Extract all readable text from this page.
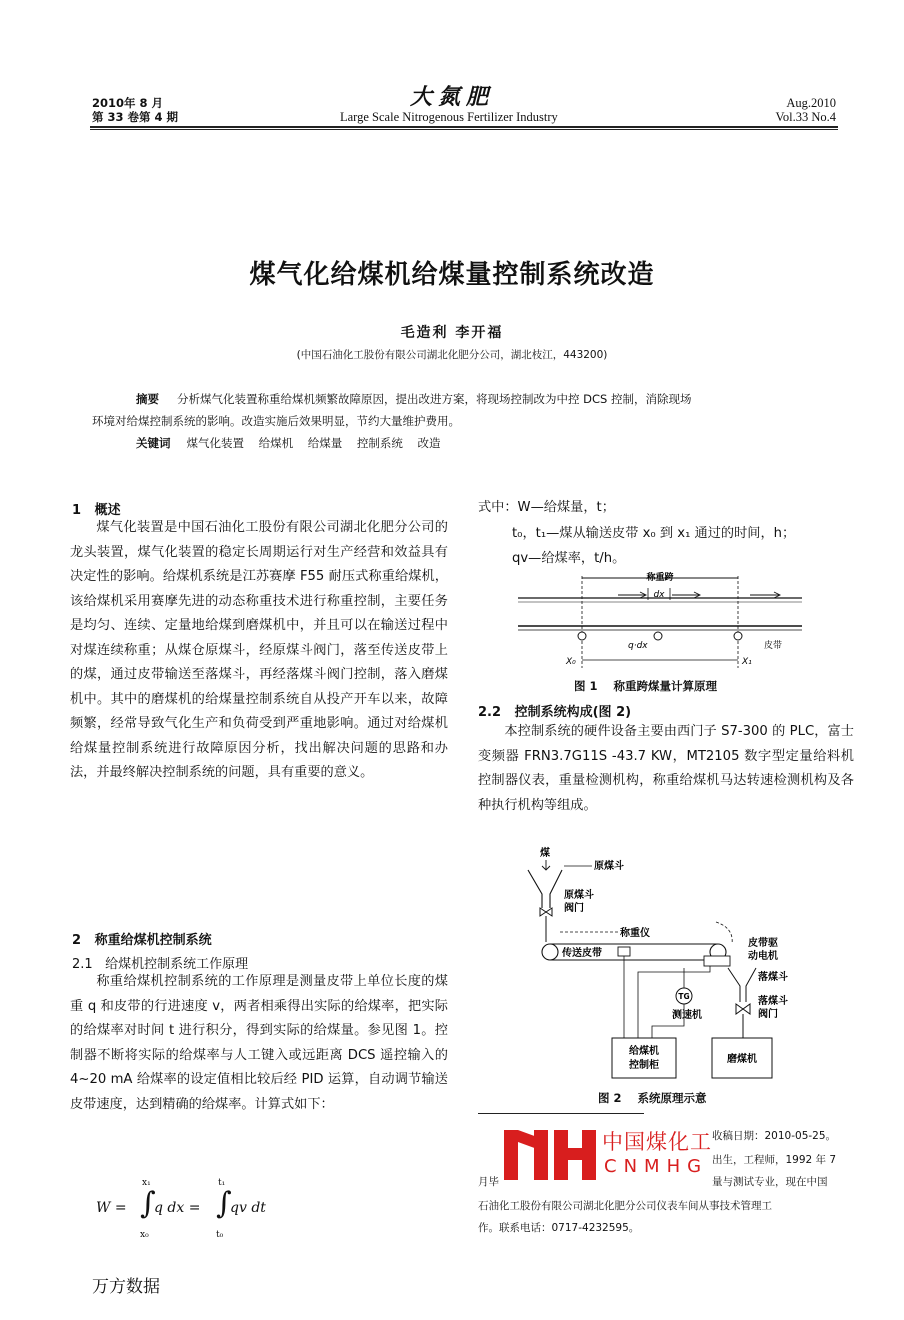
2010年 8 月
第 33 卷第 4 期
大氮肥
Large Scale Nitrogenous Fertilizer Industry
Aug.2010
Vol.33 No.4
煤气化给煤机给煤量控制系统改造
毛造利 李开福
(中国石油化工股份有限公司湖北化肥分公司，湖北枝江，443200)
摘要 分析煤气化装置称重给煤机频繁故障原因，提出改进方案，将现场控制改为中控 DCS 控制，消除现场
环境对给煤控制系统的影响。改造实施后效果明显，节约大量维护费用。
关键词 煤气化装置    给煤机    给煤量    控制系统    改造
1   概述

煤气化装置是中国石油化工股份有限公司湖北化肥分公司的龙头装置，煤气化装置的稳定长周期运行对生产经营和效益具有决定性的影响。给煤机系统是江苏赛摩 F55 耐压式称重给煤机，该给煤机采用赛摩先进的动态称重技术进行称重控制，主要任务是均匀、连续、定量地给煤到磨煤机中，并且可以在输送过程中对煤连续称重；从煤仓原煤斗，经原煤斗阀门，落至传送皮带上的煤，通过皮带输送至落煤斗，再经落煤斗阀门控制，落入磨煤机中。其中的磨煤机的给煤量控制系统自从投产开车以来，故障频繁，经常导致气化生产和负荷受到严重地影响。通过对给煤机给煤量控制系统进行故障原因分析，找出解决问题的思路和办法，并最终解决控制系统的问题，具有重要的意义。

2   称重给煤机控制系统
2.1   给煤机控制系统工作原理

称重给煤机控制系统的工作原理是测量皮带上单位长度的煤重 q 和皮带的行进速度 v，两者相乘得出实际的给煤率，把实际的给煤率对时间 t 进行积分，得到实际的给煤量。参见图 1。控制器不断将实际的给煤率与人工键入或远距离 DCS 遥控输入的 4~20 mA 给煤率的设定值相比较后经 PID 运算，自动调节输送皮带速度，达到精确的给煤率。计算式如下：

W = ∫
x₁
x₀
q dx = ∫
t₁
t₀
qv dt
式中：W—给煤量，t；
t₀，t₁—煤从输送皮带 x₀ 到 x₁ 通过的时间，h；
qv—给煤率，t/h。
称重跨
dx
q·dx	皮带
X₀	X₁
图 1    称重跨煤量计算原理
2.2   控制系统构成(图 2)

本控制系统的硬件设备主要由西门子 S7-300 的 PLC，富士变频器 FRN3.7G11S -43.7 KW，MT2105 数字型定量给料机控制器仪表，重量检测机构，称重给煤机马达转速检测机构及各种执行机构等组成。

煤
原煤斗
原煤斗
阀门
称重仪
传送皮带
皮带驱
动电机
落煤斗
落煤斗
阀门
TG
测速机
给煤机
控制柜
磨煤机
图 2    系统原理示意
中国煤化工
CNMHG
收稿日期：2010-05-25。
出生，工程师，1992 年 7
月毕	量与测试专业，现在中国
石油化工股份有限公司湖北化肥分公司仪表车间从事技术管理工
作。联系电话：0717-4232595。
万方数据
